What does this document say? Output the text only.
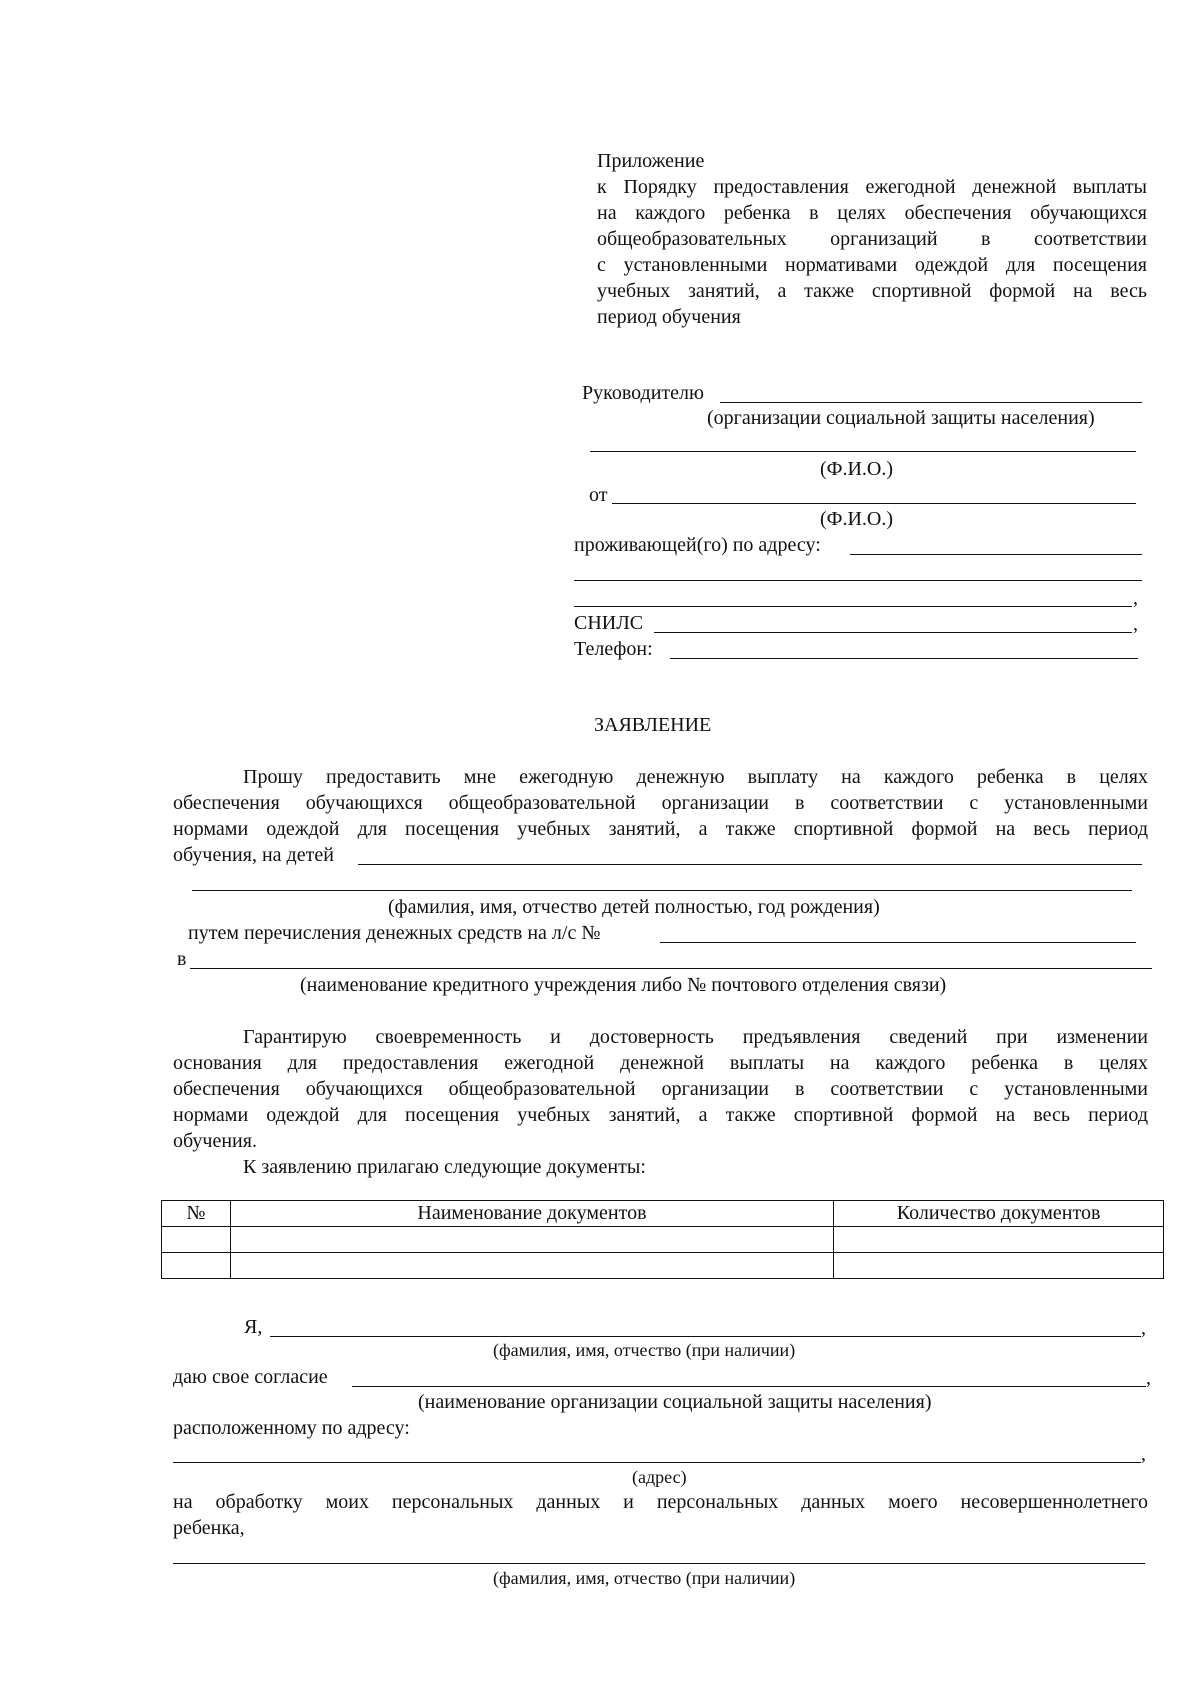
Приложение
к Порядку предоставления ежегодной денежной выплаты
на каждого ребенка в целях обеспечения обучающихся
общеобразовательных организаций в соответствии
с установленными нормативами одеждой для посещения
учебных занятий, а также спортивной формой на весь
период обучения
Руководителю
(организации социальной защиты населения)
(Ф.И.О.)
от
(Ф.И.О.)
проживающей(го) по адресу:
,
СНИЛС	,
Телефон:
ЗАЯВЛЕНИЕ
Прошу предоставить мне ежегодную денежную выплату на каждого ребенка в целях
обеспечения обучающихся общеобразовательной организации в соответствии с установленными
нормами одеждой для посещения учебных занятий, а также спортивной формой на весь период
обучения, на детей
(фамилия, имя, отчество детей полностью, год рождения)
путем перечисления денежных средств на л/с №
в
(наименование кредитного учреждения либо № почтового отделения связи)
Гарантирую своевременность и достоверность предъявления сведений при изменении
основания для предоставления ежегодной денежной выплаты на каждого ребенка в целях
обеспечения обучающихся общеобразовательной организации в соответствии с установленными
нормами одеждой для посещения учебных занятий, а также спортивной формой на весь период
обучения.
К заявлению прилагаю следующие документы:
№	Наименование документов	Количество документов

Я,	,
(фамилия, имя, отчество (при наличии)
даю свое согласие	,
(наименование организации социальной защиты населения)
расположенному по адресу:
,
(адрес)
на обработку моих персональных данных и персональных данных моего несовершеннолетнего
ребенка,
(фамилия, имя, отчество (при наличии)
